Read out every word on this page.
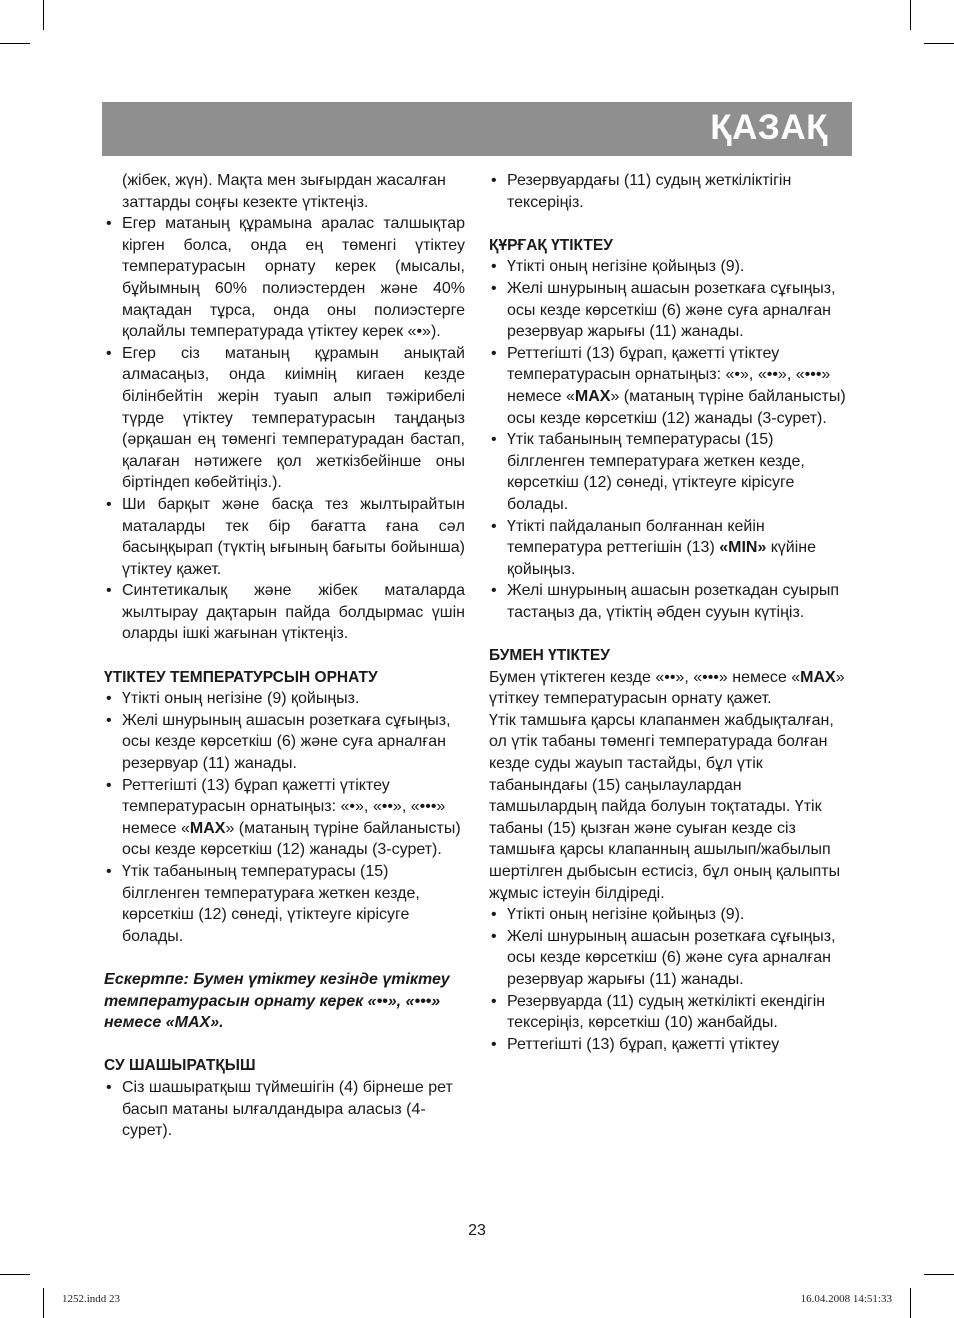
ҚАЗАҚ

(жібек, жүн). Мақта мен зығырдан жасалған заттарды соңғы кезекте үтіктеңіз.

• Егер матаның құрамына аралас талшықтар кірген болса, онда ең төменгі үтіктеу температурасын орнату керек (мысалы, бұйымның 60% полиэстерден және 40% мақтадан тұрса, онда оны полиэстерге қолайлы температурада үтіктеу керек «•»).
• Егер сіз матаның құрамын анықтай алмасаңыз, онда киімнің кигаен кезде білінбейтін жерін туаып алып тәжірибелі түрде үтіктеу температурасын таңдаңыз (әрқашан ең төменгі температурадан бастап, қалаған нәтижеге қол жеткізбейінше оны біртіндеп көбейтіңіз.).
• Ши барқыт және басқа тез жылтырайтын маталарды тек бір бағатта ғана сәл басыңқырап (түктің ығының бағыты бойынша) үтіктеу қажет.
• Синтетикалық және жібек маталарда жылтырау дақтарын пайда болдырмас үшін оларды ішкі жағынан үтіктеңіз.

ҮТІКТЕУ ТЕМПЕРАТУРСЫН ОРНАТУ

• Үтікті оның негізіне (9) қойыңыз.
• Желі шнурының ашасын розеткаға сұғыңыз, осы кезде көрсеткіш (6) және суға арналған резервуар (11) жанады.
• Реттегішті (13) бұрап қажетті үтіктеу температурасын орнатыңыз: «•», «••», «•••» немесе «MAX» (матаның түріне байланысты) осы кезде көрсеткіш (12) жанады (3-сурет).
• Үтік табанының температурасы (15) білгленген температураға жеткен кезде, көрсеткіш (12) сөнеді, үтіктеуге кірісуге болады.

Ескертпе: Бумен үтіктеу кезінде үтіктеу температурасын орнату керек «••», «•••» немесе «MAX».

СУ ШАШЫРАТҚЫШ

• Сіз шашыратқыш түймешігін (4) бірнеше рет басып матаны ылғалдандыра аласыз (4-сурет).
• Резервуардағы (11) судың жеткіліктігін тексеріңіз.

ҚҰРҒАҚ ҮТІКТЕУ

• Үтікті оның негізіне қойыңыз (9).
• Желі шнурының ашасын розеткаға сұғыңыз, осы кезде көрсеткіш (6) және суға арналған резервуар жарығы (11) жанады.
• Реттегішті (13) бұрап, қажетті үтіктеу температурасын орнатыңыз: «•», «••», «•••» немесе «MAX» (матаның түріне байланысты) осы кезде көрсеткіш (12) жанады (3-сурет).
• Үтік табанының температурасы (15) білгленген температураға жеткен кезде, көрсеткіш (12) сөнеді, үтіктеуге кірісуге болады.
• Үтікті пайдаланып болғаннан кейін температура реттегішін (13) «MIN» күйіне қойыңыз.
• Желі шнурының ашасын розеткадан суырып тастаңыз да, үтіктің әбден сууын күтіңіз.

БУМЕН ҮТІКТЕУ

Бумен үтіктеген кезде «••», «•••» немесе «MAX» үтіткеу температурасын орнату қажет.

Үтік тамшыға қарсы клапанмен жабдықталған, ол үтік табаны төменгі температурада болған кезде суды жауып тастайды, бұл үтік табанындағы (15) саңылаулардан тамшылардың пайда болуын тоқтатады. Үтік табаны (15) қызған және суыған кезде сіз тамшыға қарсы клапанның ашылып/жабылып шертілген дыбысын естисіз, бұл оның қалыпты жұмыс істеуін білдіреді.

• Үтікті оның негізіне қойыңыз (9).
• Желі шнурының ашасын розеткаға сұғыңыз, осы кезде көрсеткіш (6) және суға арналған резервуар жарығы (11) жанады.
• Резервуарда (11) судың жеткілікті екендігін тексеріңіз, көрсеткіш (10) жанбайды.
• Реттегішті (13) бұрап, қажетті үтіктеу
23
1252.indd 23	16.04.2008 14:51:33
